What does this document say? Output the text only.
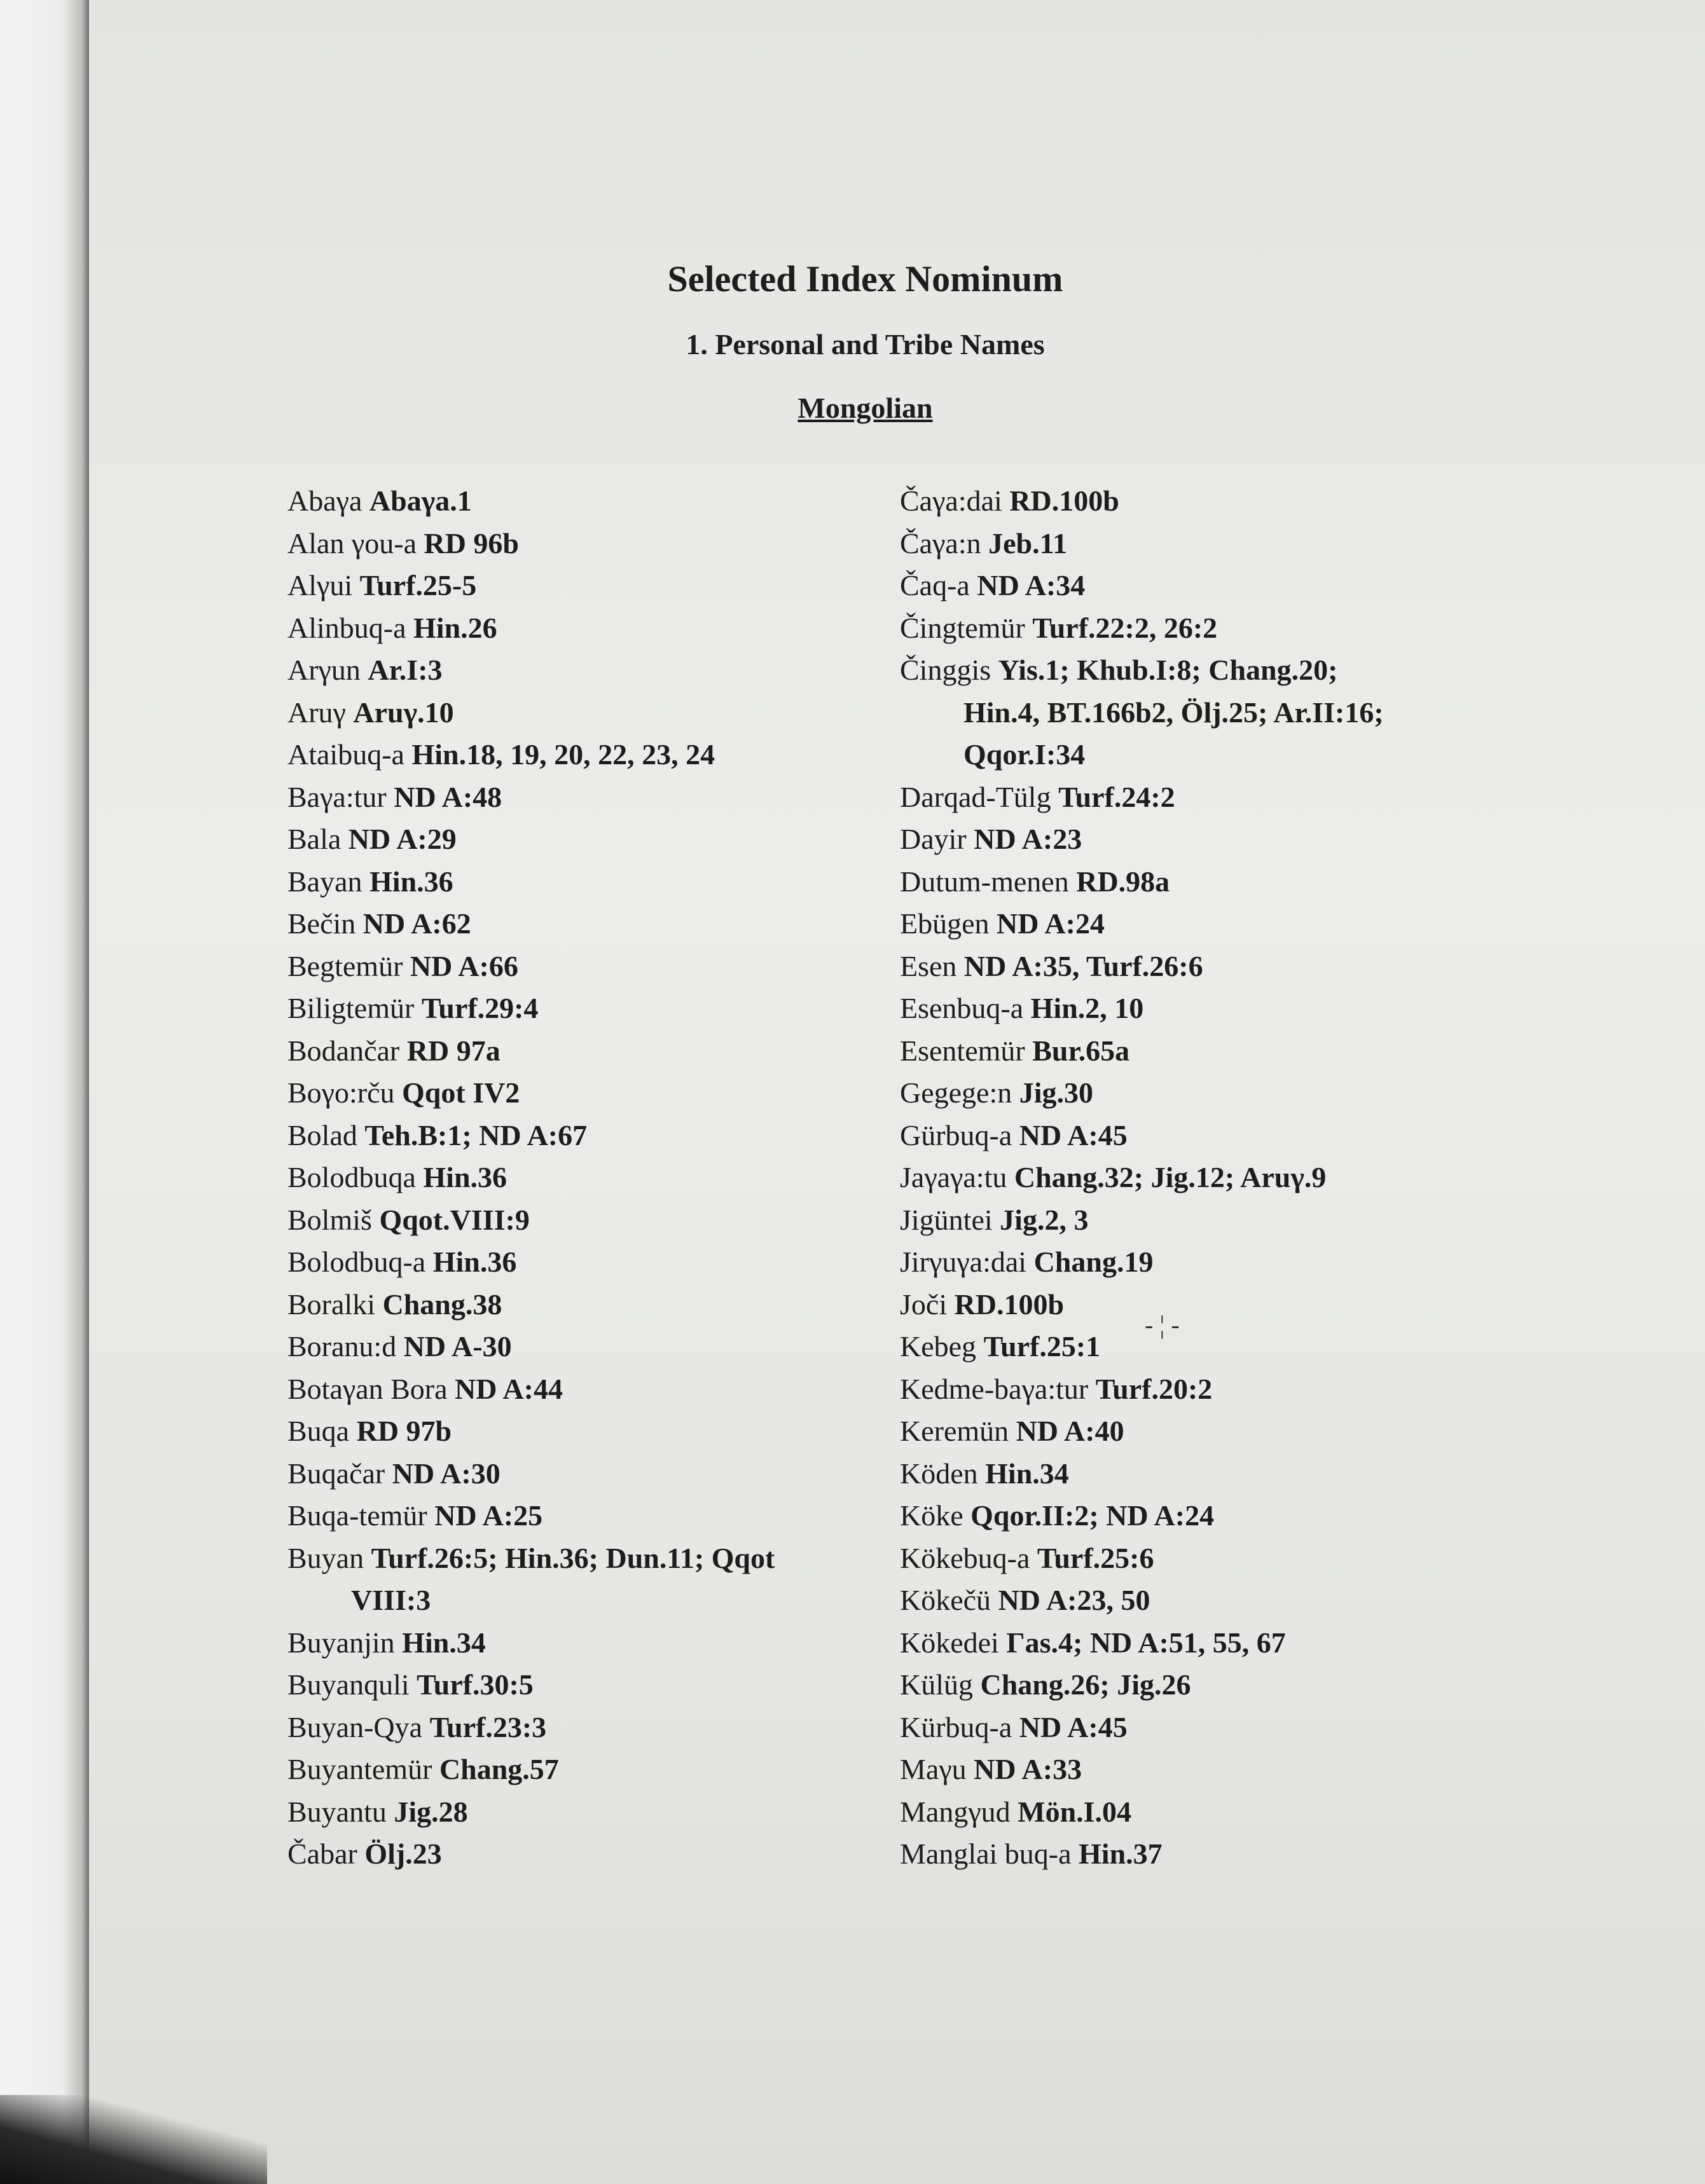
Selected Index Nominum
1. Personal and Tribe Names
Mongolian
Abaγa Abaγa.1
Alan γou-a RD 96b
Alγui Turf.25-5
Alinbuq-a Hin.26
Arγun Ar.I:3
Aruγ Aruγ.10
Ataibuq-a Hin.18, 19, 20, 22, 23, 24
Baγa:tur ND A:48
Bala ND A:29
Bayan Hin.36
Bečin ND A:62
Begtemür ND A:66
Biligtemür Turf.29:4
Bodančar RD 97a
Boγo:rču Qqot IV2
Bolad Teh.B:1; ND A:67
Bolodbuqa Hin.36
Bolmiš Qqot.VIII:9
Bolodbuq-a Hin.36
Boralki Chang.38
Boranu:d ND A-30
Botaγan Bora ND A:44
Buqa RD 97b
Buqačar ND A:30
Buqa-temür ND A:25
Buyan Turf.26:5; Hin.36; Dun.11; Qqot
VIII:3
Buyanjin Hin.34
Buyanquli Turf.30:5
Buyan-Qya Turf.23:3
Buyantemür Chang.57
Buyantu Jig.28
Čabar Ölj.23
Čaγa:dai RD.100b
Čaγa:n Jeb.11
Čaq-a ND A:34
Čingtemür Turf.22:2, 26:2
Činggis Yis.1; Khub.I:8; Chang.20;
Hin.4, BT.166b2, Ölj.25; Ar.II:16;
Qqor.I:34
Darqad-Tülg Turf.24:2
Dayir ND A:23
Dutum-menen RD.98a
Ebügen ND A:24
Esen ND A:35, Turf.26:6
Esenbuq-a Hin.2, 10
Esentemür Bur.65a
Gegege:n Jig.30
Gürbuq-a ND A:45
Jaγaγa:tu Chang.32; Jig.12; Aruγ.9
Jigüntei Jig.2, 3
Jirγuγa:dai Chang.19
Joči RD.100b
Kebeg Turf.25:1
Kedme-baγa:tur Turf.20:2
Keremün ND A:40
Köden Hin.34
Köke Qqor.II:2; ND A:24
Kökebuq-a Turf.25:6
Kökečü ND A:23, 50
Kökedei Γas.4; ND A:51, 55, 67
Külüg Chang.26; Jig.26
Kürbuq-a ND A:45
Maγu ND A:33
Mangγud Mön.I.04
Manglai buq-a Hin.37
- ¦ -
